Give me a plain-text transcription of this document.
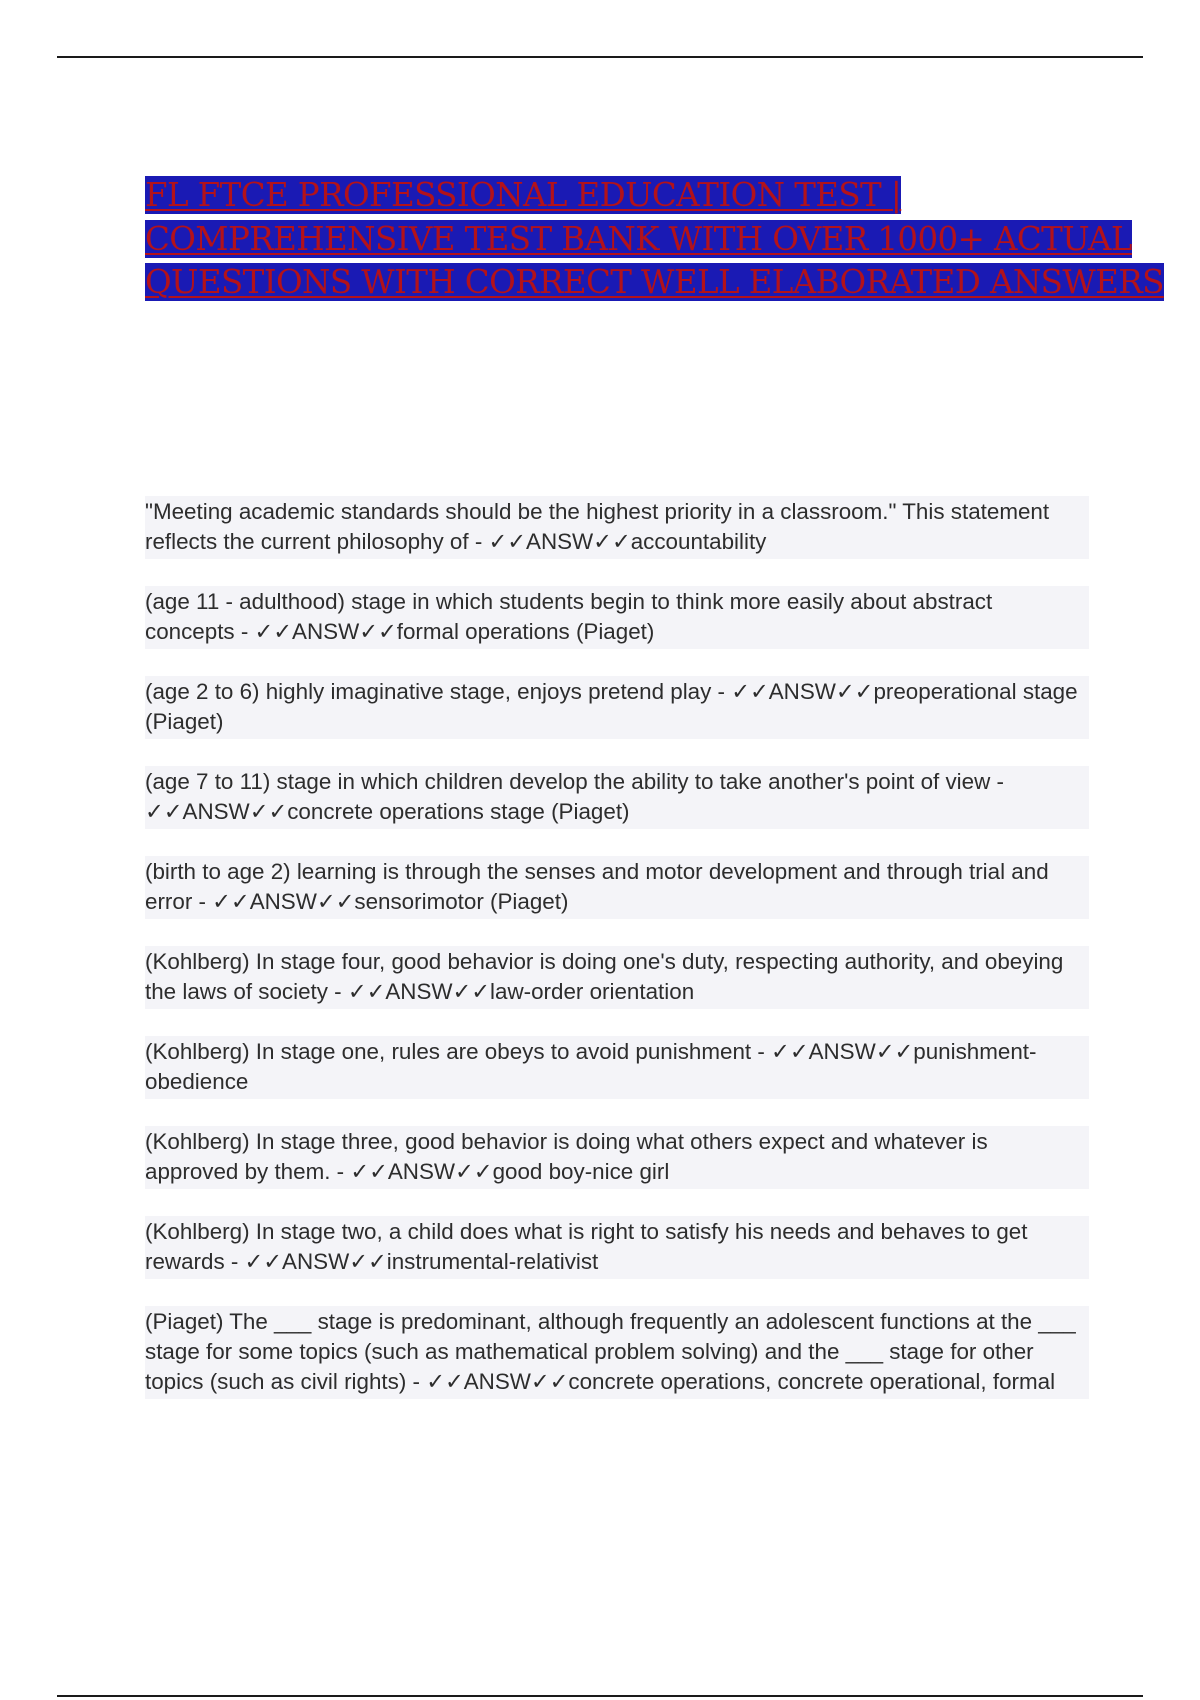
FL FTCE PROFESSIONAL EDUCATION TEST |
COMPREHENSIVE TEST BANK WITH OVER 1000+ ACTUAL
QUESTIONS WITH CORRECT WELL ELABORATED ANSWERS
"Meeting academic standards should be the highest priority in a classroom." This statement reflects the current philosophy of - ✓✓ANSW✓✓accountability
(age 11 - adulthood) stage in which students begin to think more easily about abstract concepts - ✓✓ANSW✓✓formal operations (Piaget)
(age 2 to 6) highly imaginative stage, enjoys pretend play - ✓✓ANSW✓✓preoperational stage (Piaget)
(age 7 to 11) stage in which children develop the ability to take another's point of view - ✓✓ANSW✓✓concrete operations stage (Piaget)
(birth to age 2) learning is through the senses and motor development and through trial and error - ✓✓ANSW✓✓sensorimotor (Piaget)
(Kohlberg) In stage four, good behavior is doing one's duty, respecting authority, and obeying the laws of society - ✓✓ANSW✓✓law-order orientation
(Kohlberg) In stage one, rules are obeys to avoid punishment - ✓✓ANSW✓✓punishment-obedience
(Kohlberg) In stage three, good behavior is doing what others expect and whatever is approved by them. - ✓✓ANSW✓✓good boy-nice girl
(Kohlberg) In stage two, a child does what is right to satisfy his needs and behaves to get rewards - ✓✓ANSW✓✓instrumental-relativist
(Piaget) The ___ stage is predominant, although frequently an adolescent functions at the ___ stage for some topics (such as mathematical problem solving) and the ___ stage for other topics (such as civil rights) - ✓✓ANSW✓✓concrete operations, concrete operational, formal
